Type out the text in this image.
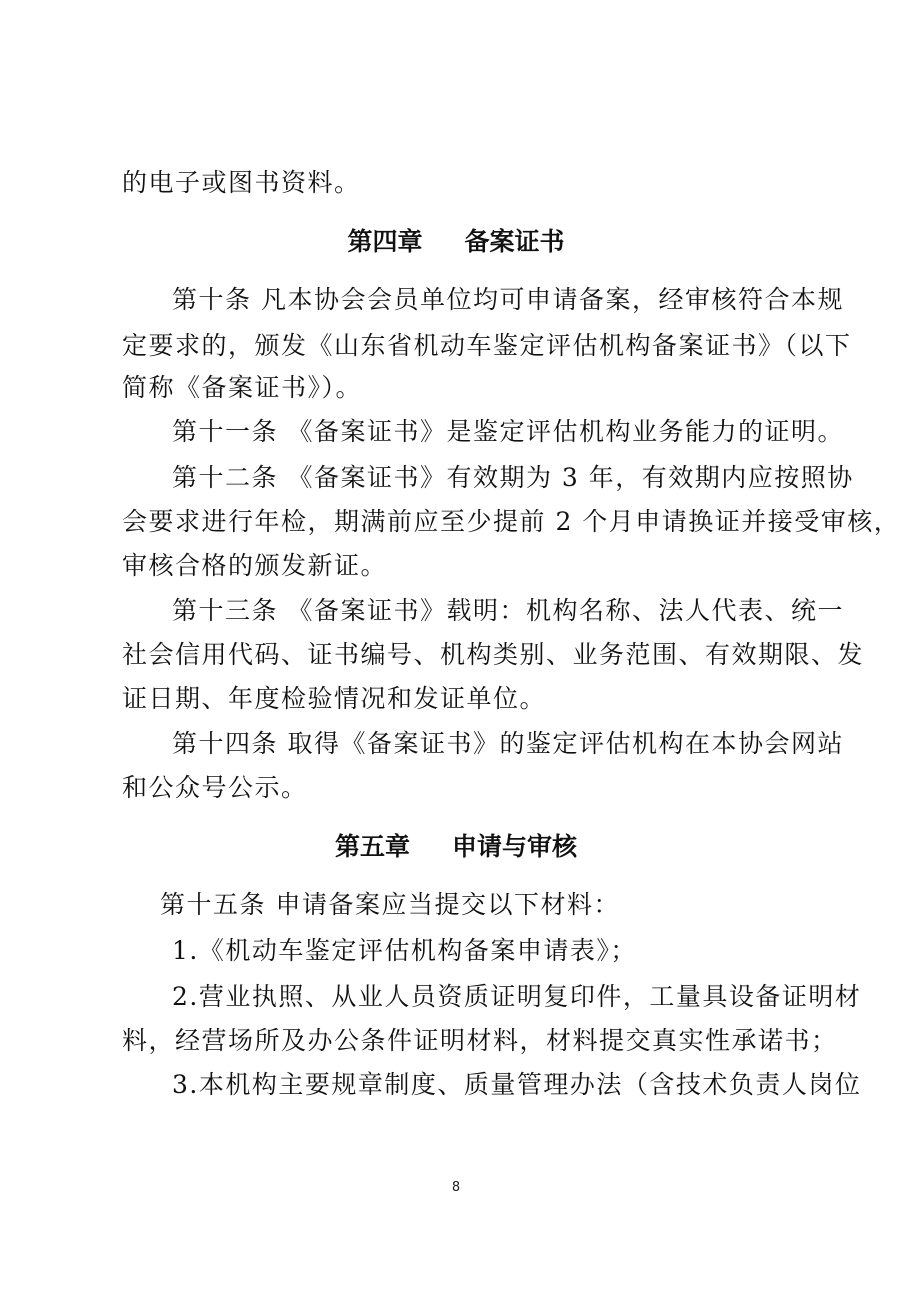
的电子或图书资料。
第四章 备案证书
第十条 凡本协会会员单位均可申请备案，经审核符合本规
定要求的，颁发《山东省机动车鉴定评估机构备案证书》（以下
简称《备案证书》）。
第十一条 《备案证书》是鉴定评估机构业务能力的证明。
第十二条 《备案证书》有效期为 3 年，有效期内应按照协
会要求进行年检，期满前应至少提前 2 个月申请换证并接受审核，
审核合格的颁发新证。
第十三条 《备案证书》载明：机构名称、法人代表、统一
社会信用代码、证书编号、机构类别、业务范围、有效期限、发
证日期、年度检验情况和发证单位。
第十四条 取得《备案证书》的鉴定评估机构在本协会网站
和公众号公示。
第五章 申请与审核
第十五条 申请备案应当提交以下材料：
1.《机动车鉴定评估机构备案申请表》；
2.营业执照、从业人员资质证明复印件，工量具设备证明材
料，经营场所及办公条件证明材料，材料提交真实性承诺书；
3.本机构主要规章制度、质量管理办法（含技术负责人岗位
8
